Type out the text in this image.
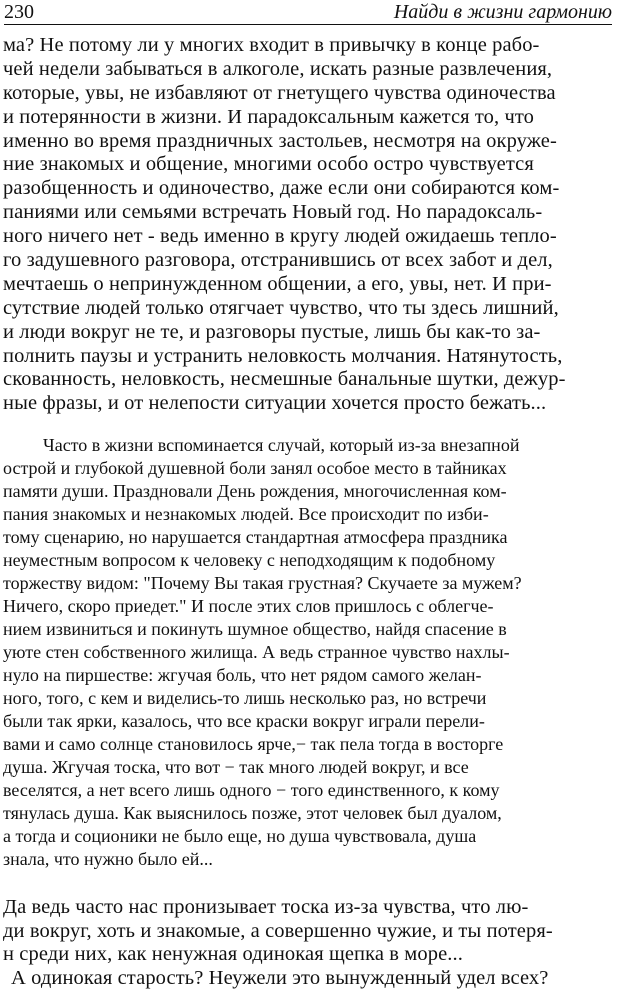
230	Найди в жизни гармонию
ма? Не потому ли у многих входит в привычку в конце рабо-
чей недели забываться в алкоголе, искать разные развлечения,
которые, увы, не избавляют от гнетущего чувства одиночества
и потерянности в жизни. И парадоксальным кажется то, что
именно во время праздничных застольев, несмотря на окруже-
ние знакомых и общение, многими особо остро чувствуется
разобщенность и одиночество, даже если они собираются ком-
паниями или семьями встречать Новый год. Но парадоксаль-
ного ничего нет - ведь именно в кругу людей ожидаешь тепло-
го задушевного разговора, отстранившись от всех забот и дел,
мечтаешь о непринужденном общении, а его, увы, нет. И при-
сутствие людей только отягчает чувство, что ты здесь лишний,
и люди вокруг не те, и разговоры пустые, лишь бы как-то за-
полнить паузы и устранить неловкость молчания. Натянутость,
скованность, неловкость, несмешные банальные шутки, дежур-
ные фразы, и от нелепости ситуации хочется просто бежать...
Часто в жизни вспоминается случай, который из-за внезапной
острой и глубокой душевной боли занял особое место в тайниках
памяти души. Праздновали День рождения, многочисленная ком-
пания знакомых и незнакомых людей. Все происходит по изби-
тому сценарию, но нарушается стандартная атмосфера праздника
неуместным вопросом к человеку с неподходящим к подобному
торжеству видом: "Почему Вы такая грустная? Скучаете за мужем?
Ничего, скоро приедет." И после этих слов пришлось с облегче-
нием извиниться и покинуть шумное общество, найдя спасение в
уюте стен собственного жилища. А ведь странное чувство нахлы-
нуло на пиршестве: жгучая боль, что нет рядом самого желан-
ного, того, с кем и виделись-то лишь несколько раз, но встречи
были так ярки, казалось, что все краски вокруг играли перели-
вами и само солнце становилось ярче,− так пела тогда в восторге
душа. Жгучая тоска, что вот − так много людей вокруг, и все
веселятся, а нет всего лишь одного − того единственного, к кому
тянулась душа. Как выяснилось позже, этот человек был дуалом,
а тогда и соционики не было еще, но душа чувствовала, душа
знала, что нужно было ей...
Да ведь часто нас пронизывает тоска из-за чувства, что лю-
ди вокруг, хоть и знакомые, а совершенно чужие, и ты потеря-
н среди них, как ненужная одинокая щепка в море...
А одинокая старость? Неужели это вынужденный удел всех?
